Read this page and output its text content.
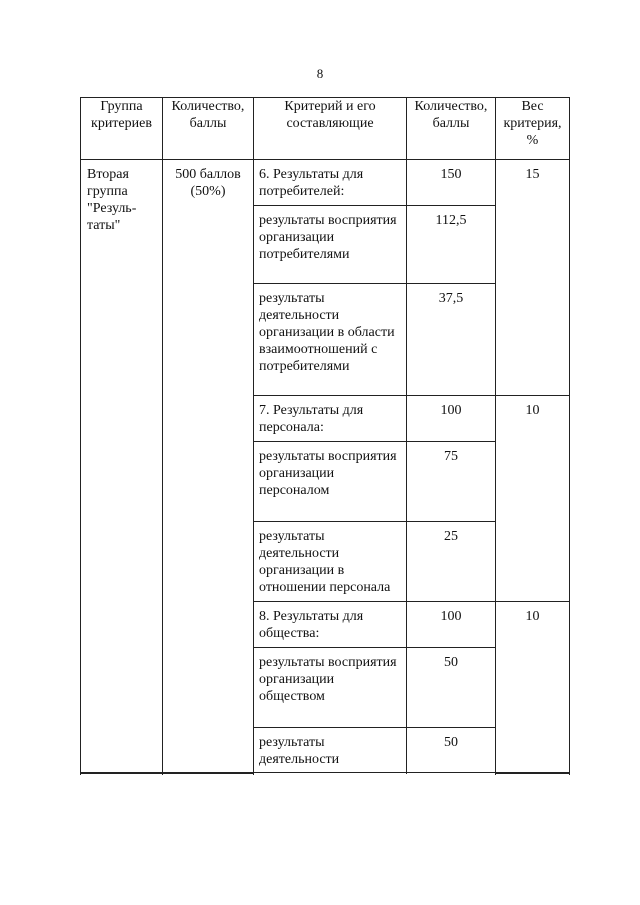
8
Группа критериев	Количество, баллы	Критерий и его составляющие	Количество, баллы	Вес критерия, %
Вторая группа "Резуль-таты"	500 баллов (50%)	6. Результаты для потребителей:	150	15
		результаты восприятия организации потребителями	112,5	
		результаты деятельности организации в области взаимоотношений с потребителями	37,5	
		7. Результаты для персонала:	100	10
		результаты восприятия организации персоналом	75	
		результаты деятельности организации в отношении персонала	25	
		8. Результаты для общества:	100	10
		результаты восприятия организации обществом	50	
		результаты деятельности	50	
